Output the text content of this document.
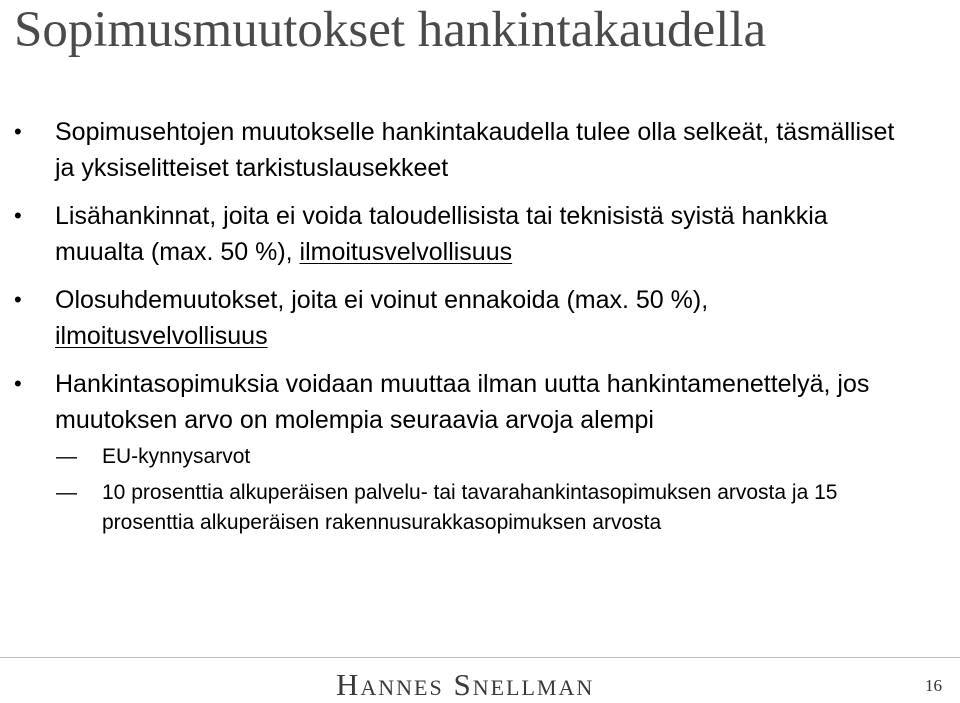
Sopimusmuutokset hankintakaudella
• Sopimusehtojen muutokselle hankintakaudella tulee olla selkeät, täsmälliset ja yksiselitteiset tarkistuslausekkeet
• Lisähankinnat, joita ei voida taloudellisista tai teknisistä syistä hankkia muualta (max. 50 %), ilmoitusvelvollisuus
• Olosuhdemuutokset, joita ei voinut ennakoida (max. 50 %), ilmoitusvelvollisuus
• Hankintasopimuksia voidaan muuttaa ilman uutta hankintamenettelyä, jos muutoksen arvo on molempia seuraavia arvoja alempi
— EU-kynnysarvot
— 10 prosenttia alkuperäisen palvelu- tai tavarahankintasopimuksen arvosta ja 15 prosenttia alkuperäisen rakennusurakkasopimuksen arvosta
Hannes Snellman	16
